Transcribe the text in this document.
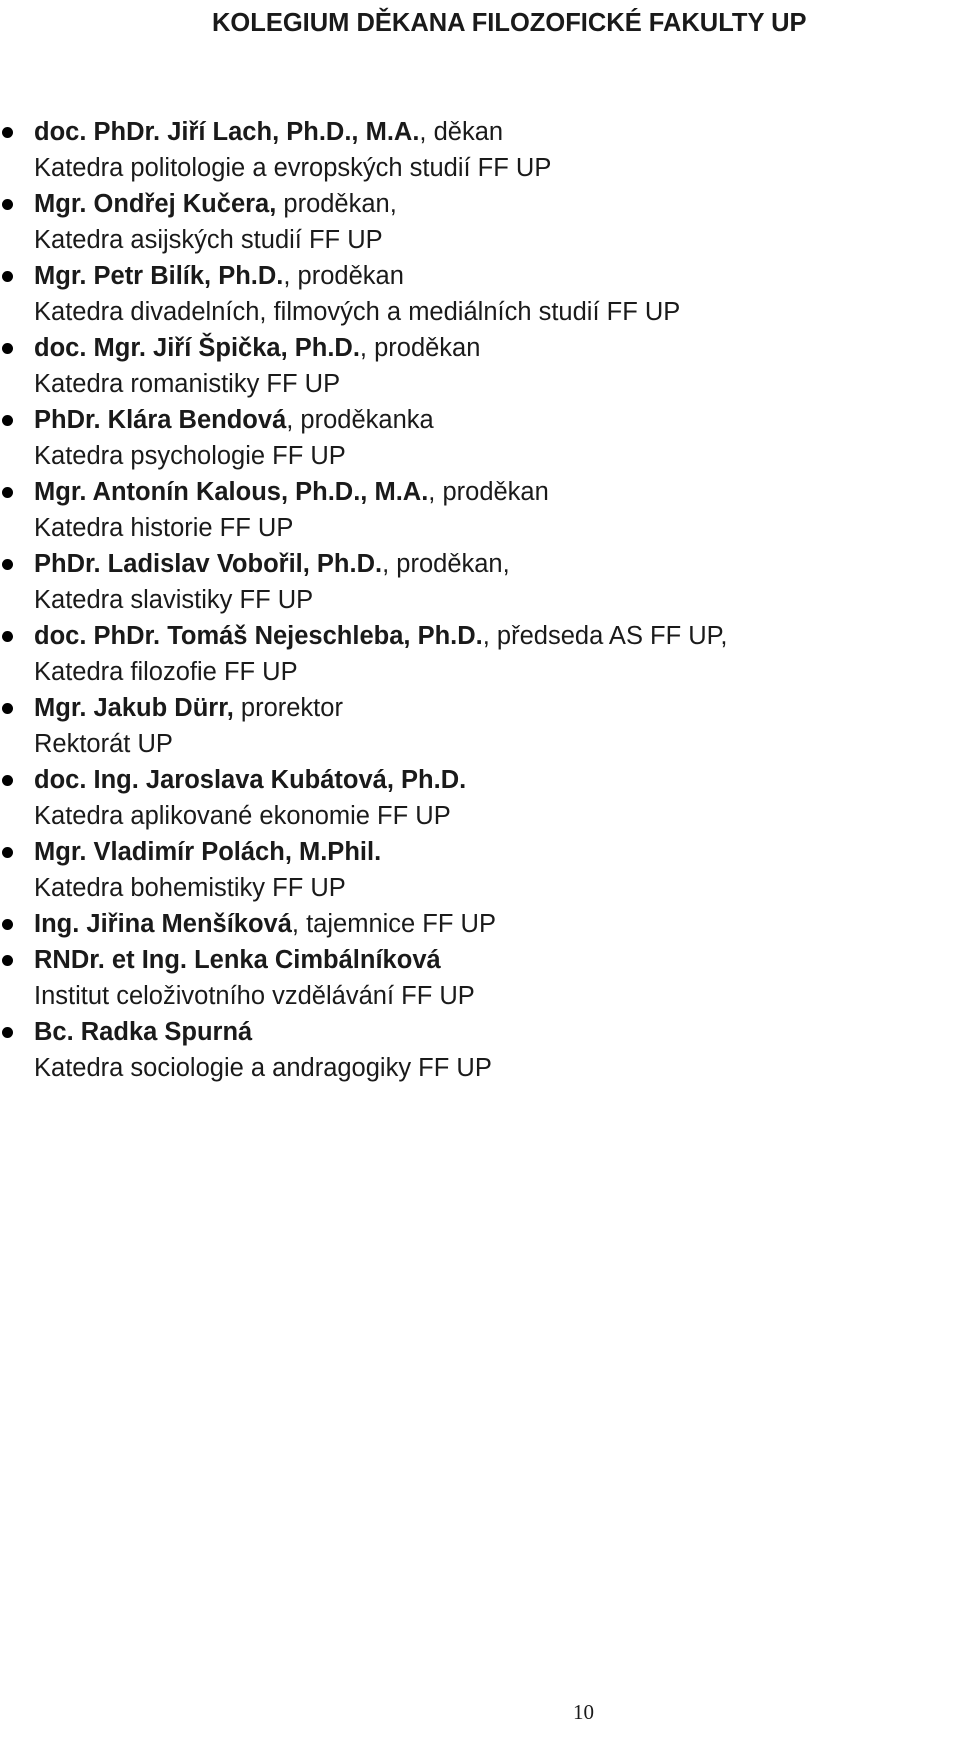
KOLEGIUM DĚKANA FILOZOFICKÉ FAKULTY UP
doc. PhDr. Jiří Lach, Ph.D., M.A., děkan
Katedra politologie a evropských studií FF UP
Mgr. Ondřej Kučera, proděkan,
Katedra asijských studií FF UP
Mgr. Petr Bilík, Ph.D., proděkan
Katedra divadelních, filmových a mediálních studií FF UP
doc. Mgr. Jiří Špička, Ph.D., proděkan
Katedra romanistiky FF UP
PhDr. Klára Bendová, proděkanka
Katedra psychologie FF UP
Mgr. Antonín Kalous, Ph.D., M.A., proděkan
Katedra historie FF UP
PhDr. Ladislav Vobořil, Ph.D., proděkan,
Katedra slavistiky FF UP
doc. PhDr. Tomáš Nejeschleba, Ph.D., předseda AS FF UP,
Katedra filozofie FF UP
Mgr. Jakub Dürr, prorektor
Rektorát UP
doc. Ing. Jaroslava Kubátová, Ph.D.
Katedra aplikované ekonomie FF UP
Mgr. Vladimír Polách, M.Phil.
Katedra bohemistiky FF UP
Ing. Jiřina Menšíková, tajemnice FF UP
RNDr. et Ing. Lenka Cimbálníková
Institut celoživotního vzdělávání FF UP
Bc. Radka Spurná
Katedra sociologie a andragogiky FF UP
10
